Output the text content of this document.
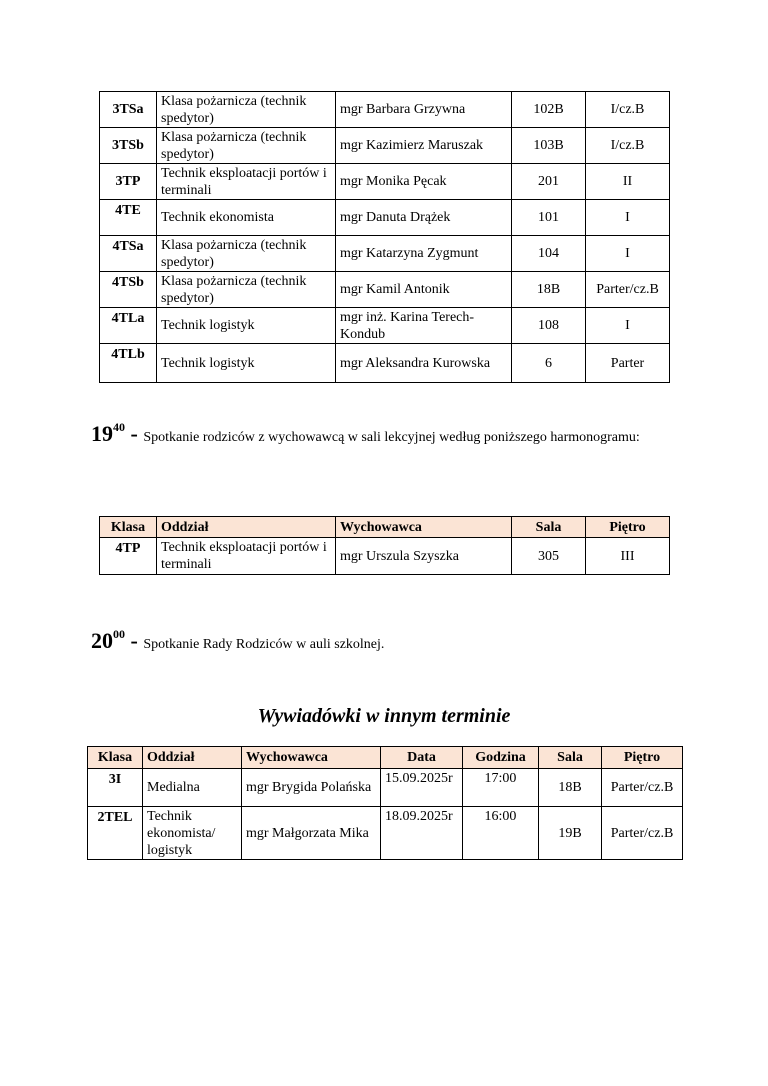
3TSa	Klasa pożarnicza (technik spedytor)	mgr Barbara Grzywna	102B	I/cz.B
3TSb	Klasa pożarnicza (technik spedytor)	mgr Kazimierz Maruszak	103B	I/cz.B
3TP	Technik eksploatacji portów i terminali	mgr Monika Pęcak	201	II
4TE	Technik ekonomista	mgr Danuta Drążek	101	I
4TSa	Klasa pożarnicza (technik spedytor)	mgr Katarzyna Zygmunt	104	I
4TSb	Klasa pożarnicza (technik spedytor)	mgr Kamil Antonik	18B	Parter/cz.B
4TLa	Technik logistyk	mgr inż. Karina Terech-Kondub	108	I
4TLb	Technik logistyk	mgr Aleksandra Kurowska	6	Parter
$19^{40}$ - Spotkanie rodziców z wychowawcą w sali lekcyjnej według poniższego harmonogramu:
Klasa	Oddział	Wychowawca	Sala	Piętro
4TP	Technik eksploatacji portów i terminali	mgr Urszula Szyszka	305	III
$20^{00}$ - Spotkanie Rady Rodziców w auli szkolnej.
Wywiadówki w innym terminie
Klasa	Oddział	Wychowawca	Data	Godzina	Sala	Piętro
3I	Medialna	mgr Brygida Polańska	15.09.2025r	17:00	18B	Parter/cz.B
2TEL	Technik ekonomista/ logistyk	mgr Małgorzata Mika	18.09.2025r	16:00	19B	Parter/cz.B
